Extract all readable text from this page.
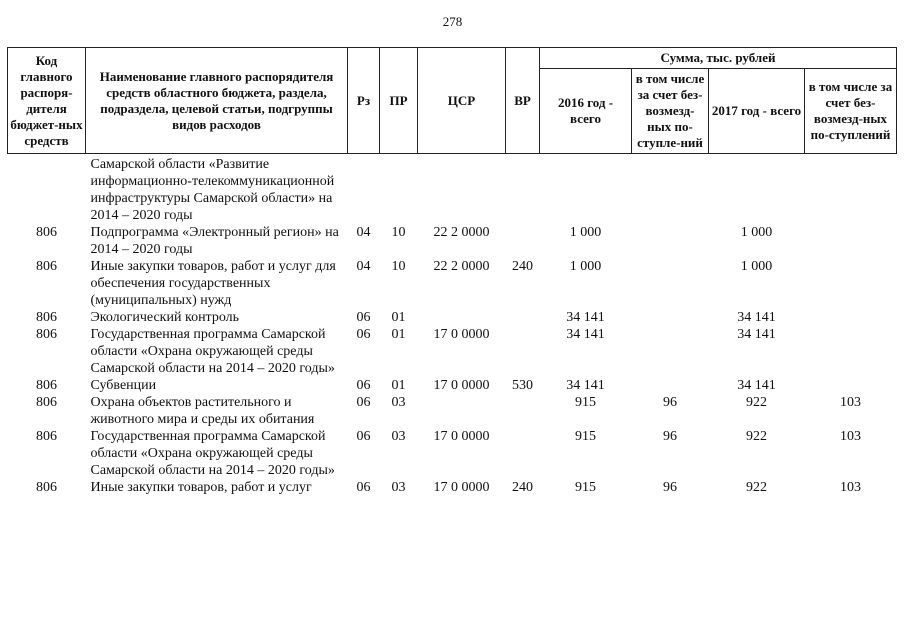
278
Код главного распоря-дителя бюджет-ных средств	Наименование главного распорядителя средств областного бюджета, раздела, подраздела, целевой статьи, подгруппы видов расходов	Рз	ПР	ЦСР	ВР	Сумма, тыс. рублей			
						2016 год - всего	в том числе за счет без-возмезд-ных по-ступле-ний	2017 год - всего	в том числе за счет без-возмезд-ных по-ступлений
	Самарской области «Развитие информационно-телекоммуникационной инфраструктуры Самарской области» на 2014 – 2020 годы								
806	Подпрограмма «Электронный регион» на 2014 – 2020 годы	04	10	22 2 0000		1 000		1 000	
806	Иные закупки товаров, работ и услуг для обеспечения государственных (муниципальных) нужд	04	10	22 2 0000	240	1 000		1 000	
806	Экологический контроль	06	01			34 141		34 141	
806	Государственная программа Самарской области «Охрана окружающей среды Самарской области на 2014 – 2020 годы»	06	01	17 0 0000		34 141		34 141	
806	Субвенции	06	01	17 0 0000	530	34 141		34 141	
806	Охрана объектов растительного и животного мира и среды их обитания	06	03			915	96	922	103
806	Государственная программа Самарской области «Охрана окружающей среды Самарской области на 2014 – 2020 годы»	06	03	17 0 0000		915	96	922	103
806	Иные закупки товаров, работ и услуг	06	03	17 0 0000	240	915	96	922	103
